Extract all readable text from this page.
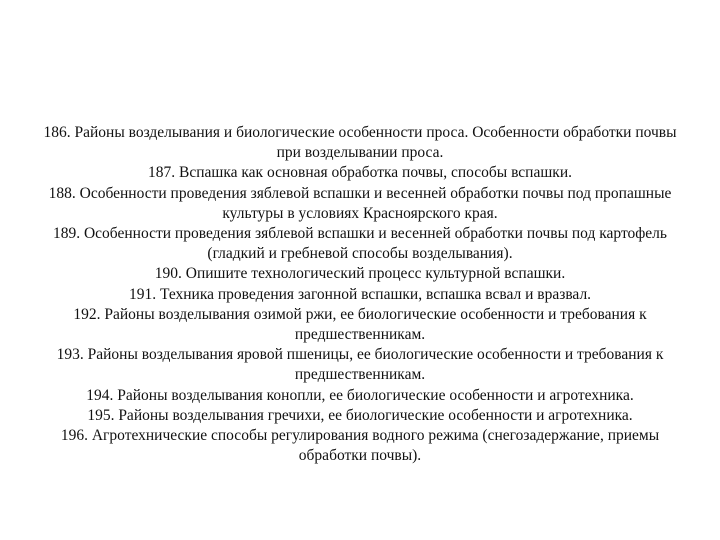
186. Районы возделывания и биологические особенности проса. Особенности обработки почвы при возделывании проса.
187. Вспашка как основная обработка почвы, способы вспашки.
188. Особенности проведения зяблевой вспашки и весенней обработки почвы под пропашные культуры в условиях Красноярского края.
189. Особенности проведения зяблевой вспашки и весенней обработки почвы под картофель (гладкий и гребневой способы возделывания).
190. Опишите технологический процесс культурной вспашки.
191. Техника проведения загонной вспашки, вспашка всвал и вразвал.
192. Районы возделывания озимой ржи, ее биологические особенности и требования к предшественникам.
193. Районы возделывания яровой пшеницы, ее биологические особенности и требования к предшественникам.
194. Районы возделывания конопли, ее биологические особенности и агротехника.
195. Районы возделывания гречихи, ее биологические особенности и агротехника.
196. Агротехнические способы регулирования водного режима (снегозадержание, приемы обработки почвы).
